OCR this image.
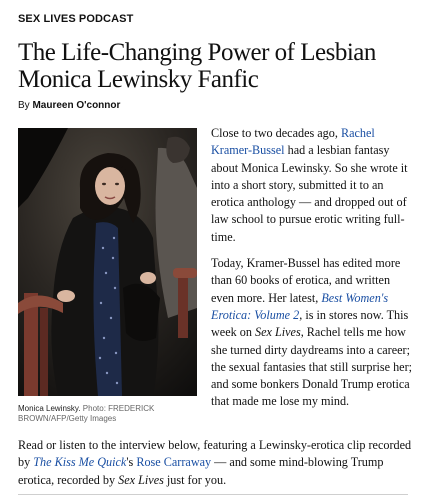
SEX LIVES PODCAST
The Life-Changing Power of Lesbian Monica Lewinsky Fanfic
By Maureen O'connor
Monica Lewinsky. Photo: FREDERICK BROWN/AFP/Getty Images

Close to two decades ago, Rachel Kramer-Bussel had a lesbian fantasy about Monica Lewinsky. So she wrote it into a short story, submitted it to an erotica anthology — and dropped out of law school to pursue erotic writing full-time.

Today, Kramer-Bussel has edited more than 60 books of erotica, and written even more. Her latest, Best Women's Erotica: Volume 2, is in stores now. This week on Sex Lives, Rachel tells me how she turned dirty daydreams into a career; the sexual fantasies that still surprise her; and some bonkers Donald Trump erotica that made me lose my mind.

Read or listen to the interview below, featuring a Lewinsky-erotica clip recorded by The Kiss Me Quick's Rose Carraway — and some mind-blowing Trump erotica, recorded by Sex Lives just for you.
